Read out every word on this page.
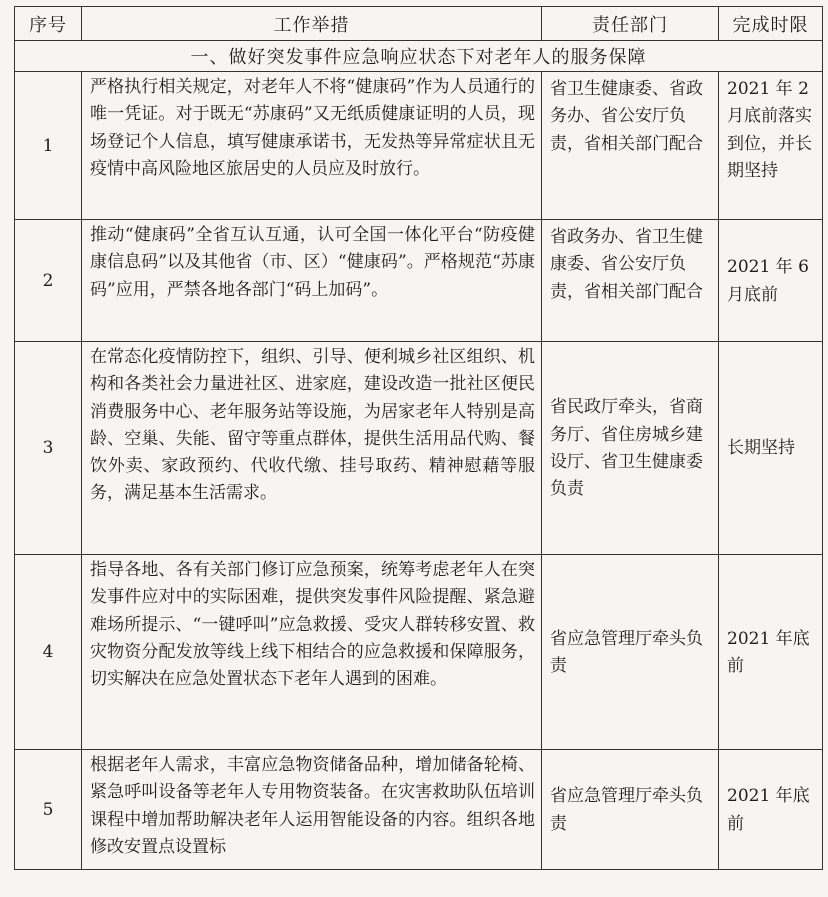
序号	工作举措	责任部门	完成时限
一、做好突发事件应急响应状态下对老年人的服务保障			
1	严格执行相关规定，对老年人不将“健康码”作为人员通行的唯一凭证。对于既无“苏康码”又无纸质健康证明的人员，现场登记个人信息，填写健康承诺书，无发热等异常症状且无疫情中高风险地区旅居史的人员应及时放行。	省卫生健康委、省政务办、省公安厅负责，省相关部门配合	2021 年 2 月底前落实到位，并长期坚持
2	推动“健康码”全省互认互通，认可全国一体化平台“防疫健康信息码”以及其他省（市、区）“健康码”。严格规范“苏康码”应用，严禁各地各部门“码上加码”。	省政务办、省卫生健康委、省公安厅负责，省相关部门配合	2021 年 6 月底前
3	在常态化疫情防控下，组织、引导、便利城乡社区组织、机构和各类社会力量进社区、进家庭，建设改造一批社区便民消费服务中心、老年服务站等设施，为居家老年人特别是高龄、空巢、失能、留守等重点群体，提供生活用品代购、餐饮外卖、家政预约、代收代缴、挂号取药、精神慰藉等服务，满足基本生活需求。	省民政厅牵头，省商务厅、省住房城乡建设厅、省卫生健康委负责	长期坚持
4	指导各地、各有关部门修订应急预案，统筹考虑老年人在突发事件应对中的实际困难，提供突发事件风险提醒、紧急避难场所提示、“一键呼叫”应急救援、受灾人群转移安置、救灾物资分配发放等线上线下相结合的应急救援和保障服务，切实解决在应急处置状态下老年人遇到的困难。	省应急管理厅牵头负责	2021 年底前
5	根据老年人需求，丰富应急物资储备品种，增加储备轮椅、紧急呼叫设备等老年人专用物资装备。在灾害救助队伍培训课程中增加帮助解决老年人运用智能设备的内容。组织各地修改安置点设置标	省应急管理厅牵头负责	2021 年底前
